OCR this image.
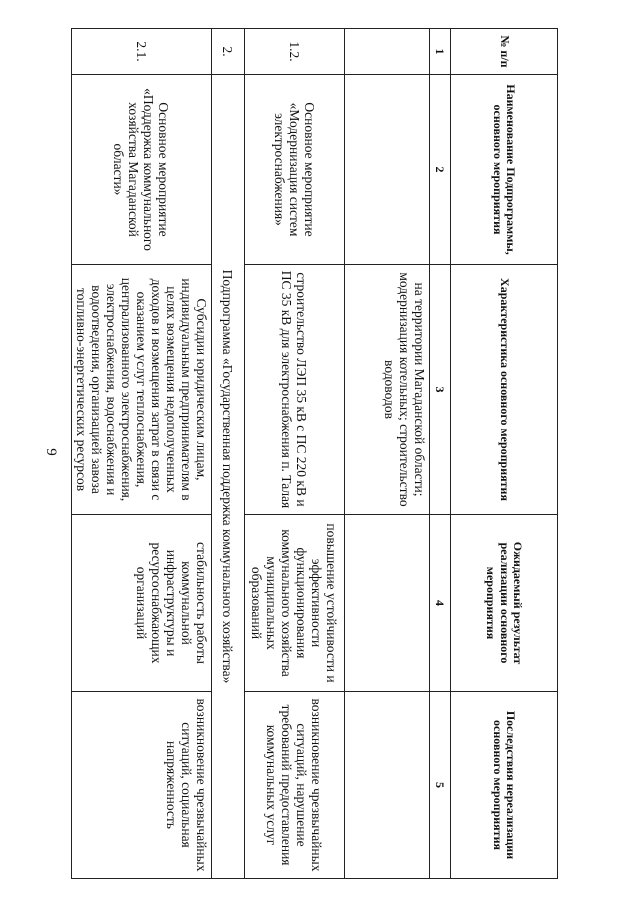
9
№ п/п	Наименование Подпрограммы, основного мероприятия	Характеристика основного мероприятия	Ожидаемый результат реализации основного мероприятия	Последствия нереализации основного мероприятия
1	2	3	4	5
		на территории Магаданской области; модернизация котельных; строительство водоводов		
1.2.	Основное мероприятие «Модернизация систем электроснабжения»	строительство ЛЭП 35 кВ с ПС 220 кВ и ПС 35 кВ для электроснабжения п. Талая	повышение устойчивости и эффективности функционирования коммунального хозяйства муниципальных образований	возникновение чрезвычайных ситуаций, нарушение требований предоставления коммунальных услуг
2.	Подпрограмма «Государственная поддержка коммунального хозяйства»			

2.1.	Основное мероприятие «Поддержка коммунального хозяйства Магаданской области»	Субсидии юридическим лицам, индивидуальным предпринимателям в целях возмещения недополученных доходов и возмещения затрат в связи с оказанием услуг теплоснабжения, централизованного электроснабжения, электроснабжения, водоснабжения и водоотведения, организацией завоза топливно-энергетических ресурсов	стабильность работы коммунальной инфраструктуры и ресурсоснабжающих организаций	возникновение чрезвычайных ситуаций, социальная напряженность
